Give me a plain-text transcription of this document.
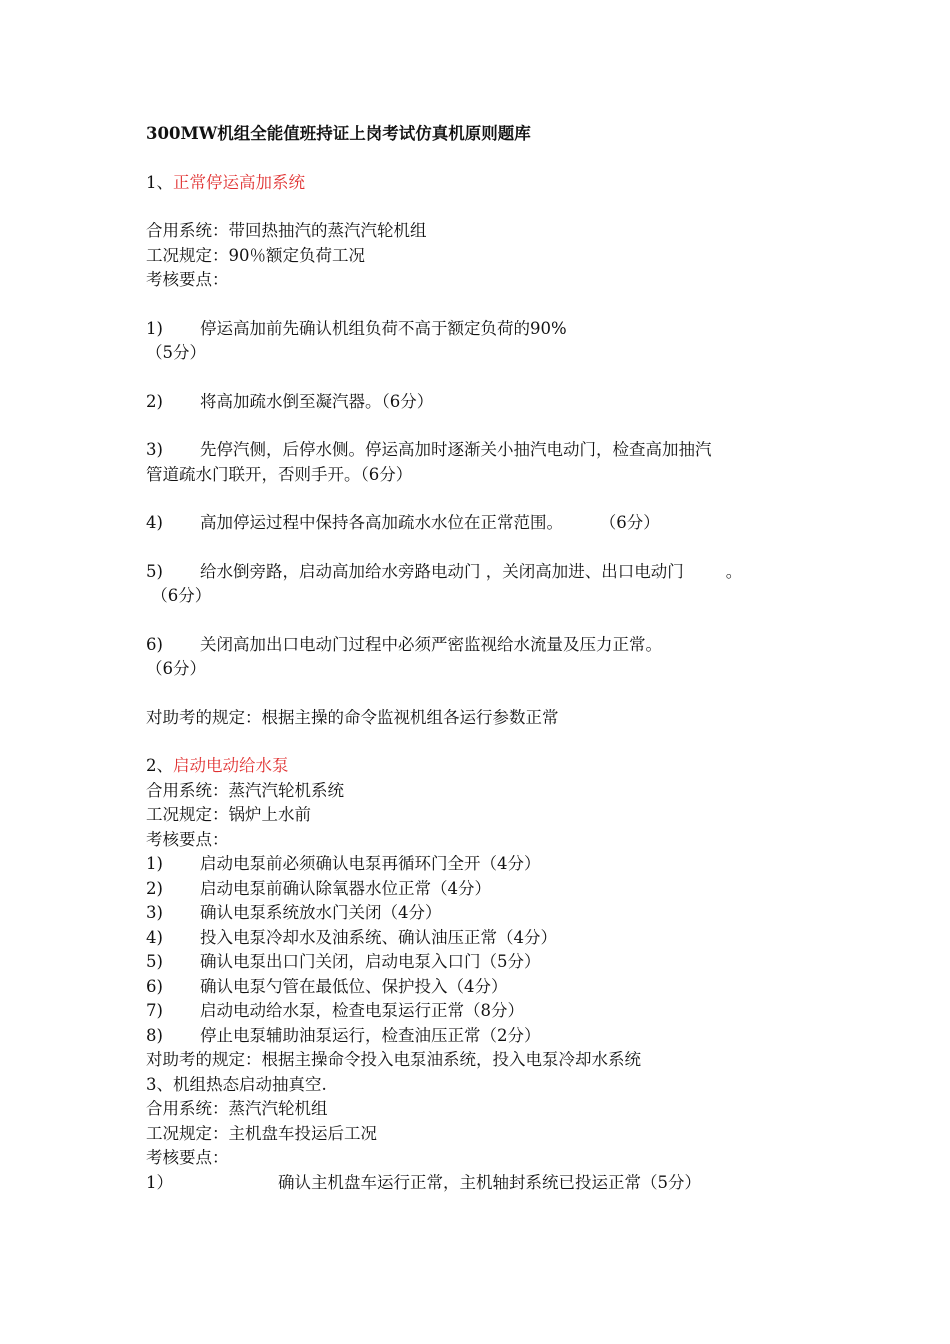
300MW机组全能值班持证上岗考试仿真机原则题库
1、正常停运高加系统
合用系统：带回热抽汽的蒸汽汽轮机组
工况规定：90％额定负荷工况
考核要点：
1)	停运高加前先确认机组负荷不高于额定负荷的90%
（5分）
2)	将高加疏水倒至凝汽器。（6分）
3)	先停汽侧，后停水侧。停运高加时逐渐关小抽汽电动门，检查高加抽汽
管道疏水门联开，否则手开。（6分）
4)	高加停运过程中保持各高加疏水水位在正常范围。       （6分）
5)	给水倒旁路，启动高加给水旁路电动门 ，关闭高加进、出口电动门        。
（6分）
6)	关闭高加出口电动门过程中必须严密监视给水流量及压力正常。
（6分）
对助考的规定：根据主操的命令监视机组各运行参数正常
2、启动电动给水泵
合用系统：蒸汽汽轮机系统
工况规定：锅炉上水前
考核要点：
1)	启动电泵前必须确认电泵再循环门全开（4分）
2)	启动电泵前确认除氧器水位正常（4分）
3)	确认电泵系统放水门关闭（4分）
4)	投入电泵冷却水及油系统、确认油压正常（4分）
5)	确认电泵出口门关闭，启动电泵入口门（5分）
6)	确认电泵勺管在最低位、保护投入（4分）
7)	启动电动给水泵，检查电泵运行正常（8分）
8)	停止电泵辅助油泵运行，检查油压正常（2分）
对助考的规定：根据主操命令投入电泵油系统，投入电泵冷却水系统
3、机组热态启动抽真空.
合用系统：蒸汽汽轮机组
工况规定：主机盘车投运后工况
考核要点：
1）	确认主机盘车运行正常，主机轴封系统已投运正常（5分）
